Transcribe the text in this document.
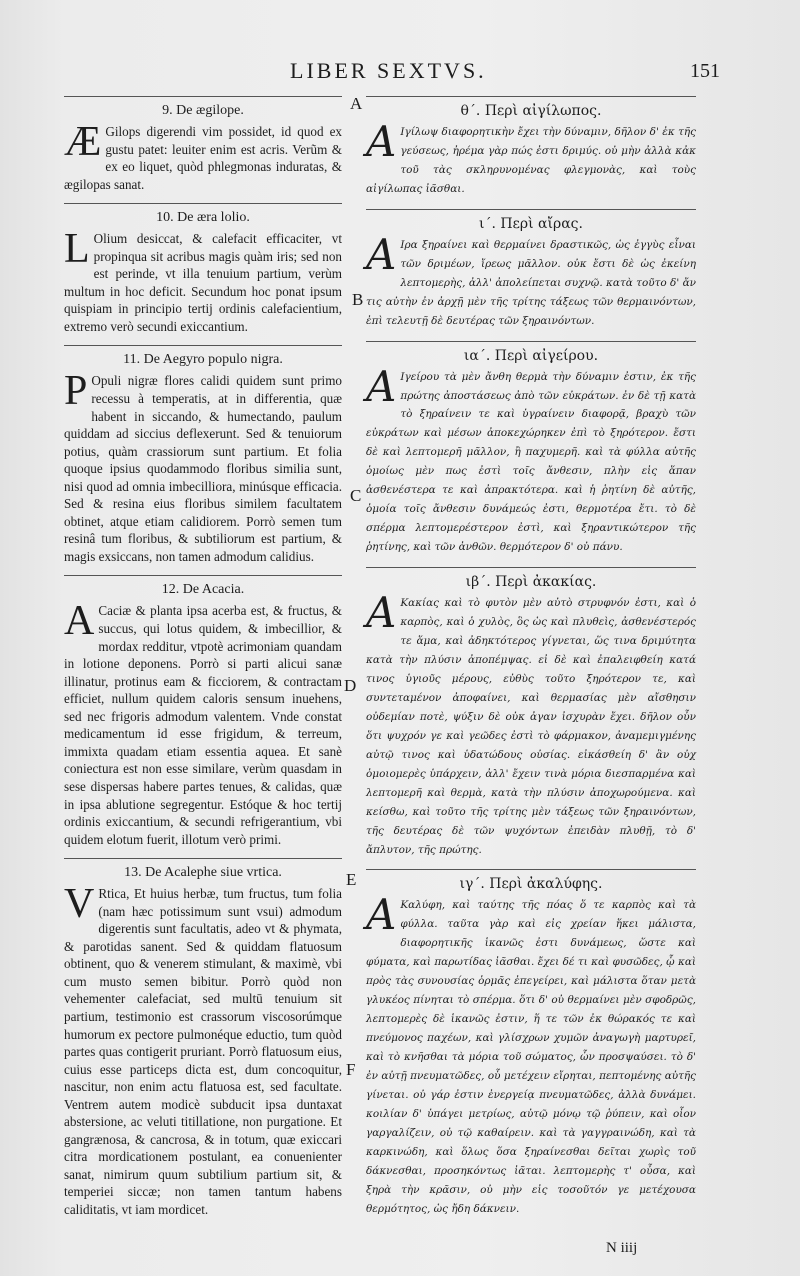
LIBER SEXTVS.	151
A
B
C
D
E
F
9. De ægilope.

Æ Gilops digerendi vim possidet, id quod ex gustu patet: leuiter enim est acris. Verũm & ex eo liquet, quòd phlegmonas induratas, & ægilopas sanat.

10. De æra lolio.

L Olium desiccat, & calefacit efficaciter, vt propinqua sit acribus magis quàm iris; sed non est perinde, vt illa tenuium partium, verùm multum in hoc deficit. Secundum hoc ponat ipsum quispiam in principio tertij ordinis calefacientium, extremo verò secundi exiccantium.

11. De Aegyro populo nigra.

P Opuli nigræ flores calidi quidem sunt primo recessu à temperatis, at in differentia, quæ habent in siccando, & humectando, paulum quiddam ad siccius deflexerunt. Sed & tenuiorum potius, quàm crassiorum sunt partium. Et folia quoque ipsius quodammodo floribus similia sunt, nisi quod ad omnia imbecilliora, minúsque efficacia. Sed & resina eius floribus similem facultatem obtinet, atque etiam calidiorem. Porrò semen tum resinâ tum floribus, & subtiliorum est partium, & magis exsiccans, non tamen admodum calidius.

12. De Acacia.

A Caciæ & planta ipsa acerba est, & fructus, & succus, qui lotus quidem, & imbecillior, & mordax redditur, vtpotè acrimoniam quandam in lotione deponens. Porrò si parti alicui sanæ illinatur, protinus eam & ficciorem, & contractam efficiet, nullum quidem caloris sensum inuehens, sed nec frigoris admodum valentem. Vnde constat medicamentum id esse frigidum, & terreum, immixta quadam etiam essentia aquea. Et sanè coniectura est non esse similare, verùm quasdam in sese dispersas habere partes tenues, & calidas, quæ in ipsa ablutione segregentur. Estóque & hoc tertij ordinis exiccantium, & secundi refrigerantium, vbi quidem elotum fuerit, illotum verò primi.

13. De Acalephe siue vrtica.

V Rtica, Et huius herbæ, tum fructus, tum folia (nam hæc potissimum sunt vsui) admodum digerentis sunt facultatis, adeo vt & phymata, & parotidas sanent. Sed & quiddam flatuosum obtinent, quo & venerem stimulant, & maximè, vbi cum musto semen bibitur. Porrò quòd non vehementer calefaciat, sed multū tenuium sit partium, testimonio est crassorum viscosorúmque humorum ex pectore pulmonéque eductio, tum quòd partes quas contigerit pruriant. Porrò flatuosum eius, cuius esse particeps dicta est, dum concoquitur, nascitur, non enim actu flatuosa est, sed facultate. Ventrem autem modicè subducit ipsa duntaxat abstersione, ac veluti titillatione, non purgatione. Et gangrænosa, & cancrosa, & in totum, quæ exiccari citra mordicationem postulant, ea conuenienter sanat, nimirum quum subtilium partium sit, & temperiei siccæ; non tamen tantum habens caliditatis, vt iam mordicet.

θ΄. Περὶ αἰγίλωπος.

Α Ιγίλωψ διαφορητικὴν ἔχει τὴν δύναμιν, δῆλον δ' ἐκ τῆς γεύσεως, ἠρέμα γὰρ πώς ἐστι δριμύς. οὐ μὴν ἀλλὰ κἀκ τοῦ τὰς σκληρυνομένας φλεγμονὰς, καὶ τοὺς αἰγίλωπας ἰᾶσθαι.

ι΄. Περὶ αἴρας.

Α Ιρα ξηραίνει καὶ θερμαίνει δραστικῶς, ὡς ἐγγὺς εἶναι τῶν δριμέων, ἴρεως μᾶλλον. οὐκ ἔστι δὲ ὡς ἐκείνη λεπτομερὴς, ἀλλ' ἀπολείπεται συχνῷ. κατὰ τοῦτο δ' ἄν τις αὐτὴν ἐν ἀρχῇ μὲν τῆς τρίτης τάξεως τῶν θερμαινόντων, ἐπὶ τελευτῇ δὲ δευτέρας τῶν ξηραινόντων.

ια΄. Περὶ αἰγείρου.

Α Ιγείρου τὰ μὲν ἄνθη θερμὰ τὴν δύναμιν ἐστιν, ἐκ τῆς πρώτης ἀποστάσεως ἀπὸ τῶν εὐκράτων. ἐν δὲ τῇ κατὰ τὸ ξηραίνειν τε καὶ ὑγραίνειν διαφορᾷ, βραχὺ τῶν εὐκράτων καὶ μέσων ἀποκεχώρηκεν ἐπὶ τὸ ξηρότερον. ἔστι δὲ καὶ λεπτομερῆ μᾶλλον, ἢ παχυμερῆ. καὶ τὰ φύλλα αὐτῆς ὁμοίως μὲν πως ἐστὶ τοῖς ἄνθεσιν, πλὴν εἰς ἅπαν ἀσθενέστερα τε καὶ ἀπρακτότερα. καὶ ἡ ῥητίνη δὲ αὐτῆς, ὁμοία τοῖς ἄνθεσιν δυνάμεώς ἐστι, θερμοτέρα ἔτι. τὸ δὲ σπέρμα λεπτομερέστερον ἐστὶ, καὶ ξηραντικώτερον τῆς ῥητίνης, καὶ τῶν ἀνθῶν. θερμότερον δ' οὐ πάνυ.

ιβ΄. Περὶ ἀκακίας.

Α Κακίας καὶ τὸ φυτὸν μὲν αὐτὸ στρυφνόν ἐστι, καὶ ὁ καρπὸς, καὶ ὁ χυλὸς, ὃς ὡς καὶ πλυθεὶς, ἀσθενέστερός τε ἅμα, καὶ ἀδηκτότερος γίγνεται, ὥς τινα δριμύτητα κατὰ τὴν πλύσιν ἀποπέμψας. εἰ δὲ καὶ ἐπαλειφθείη κατά τινος ὑγιοῦς μέρους, εὐθὺς τοῦτο ξηρότερον τε, καὶ συντεταμένον ἀποφαίνει, καὶ θερμασίας μὲν αἴσθησιν οὐδεμίαν ποτὲ, ψύξιν δὲ οὐκ ἀγαν ἰσχυρὰν ἔχει. δῆλον οὖν ὅτι ψυχρόν γε καὶ γεῶδες ἐστὶ τὸ φάρμακον, ἀναμεμιγμένης αὐτῷ τινος καὶ ὑδατώδους οὐσίας. εἰκάσθείη δ' ἂν οὐχ ὁμοιομερὲς ὑπάρχειν, ἀλλ' ἔχειν τινὰ μόρια διεσπαρμένα καὶ λεπτομερῆ καὶ θερμὰ, κατὰ τὴν πλύσιν ἀποχωρούμενα. καὶ κείσθω, καὶ τοῦτο τῆς τρίτης μὲν τάξεως τῶν ξηραινόντων, τῆς δευτέρας δὲ τῶν ψυχόντων ἐπειδὰν πλυθῇ, τὸ δ' ἄπλυτον, τῆς πρώτης.

ιγ΄. Περὶ ἀκαλύφης.

Α Καλύφη, καὶ ταύτης τῆς πόας ὅ τε καρπὸς καὶ τὰ φύλλα. ταῦτα γὰρ καὶ εἰς χρείαν ἥκει μάλιστα, διαφορητικῆς ἱκανῶς ἐστι δυνάμεως, ὥστε καὶ φύματα, καὶ παρωτίδας ἰᾶσθαι. ἔχει δέ τι καὶ φυσῶδες, ᾧ καὶ πρὸς τὰς συνουσίας ὁρμᾶς ἐπεγείρει, καὶ μάλιστα ὅταν μετὰ γλυκέος πίνηται τὸ σπέρμα. ὅτι δ' οὐ θερμαίνει μὲν σφοδρῶς, λεπτομερὲς δὲ ἱκανῶς ἐστιν, ἥ τε τῶν ἐκ θώρακός τε καὶ πνεύμονος παχέων, καὶ γλίσχρων χυμῶν ἀναγωγὴ μαρτυρεῖ, καὶ τὸ κνῆσθαι τὰ μόρια τοῦ σώματος, ὧν προσψαύσει. τὸ δ' ἐν αὐτῇ πνευματῶδες, οὗ μετέχειν εἴρηται, πεπτομένης αὐτῆς γίνεται. οὐ γάρ ἐστιν ἐνεργείᾳ πνευματῶδες, ἀλλὰ δυνάμει. κοιλίαν δ' ὑπάγει μετρίως, αὐτῷ μόνῳ τῷ ῥύπειν, καὶ οἷον γαργαλίζειν, οὐ τῷ καθαίρειν. καὶ τὰ γαγγραινώδη, καὶ τὰ καρκινώδη, καὶ ὅλως ὅσα ξηραίνεσθαι δεῖται χωρὶς τοῦ δάκνεσθαι, προσηκόντως ἰᾶται. λεπτομερὴς τ' οὖσα, καὶ ξηρὰ τὴν κρᾶσιν, οὐ μὴν εἰς τοσοῦτόν γε μετέχουσα θερμότητος, ὡς ἤδη δάκνειν.

N iiij
